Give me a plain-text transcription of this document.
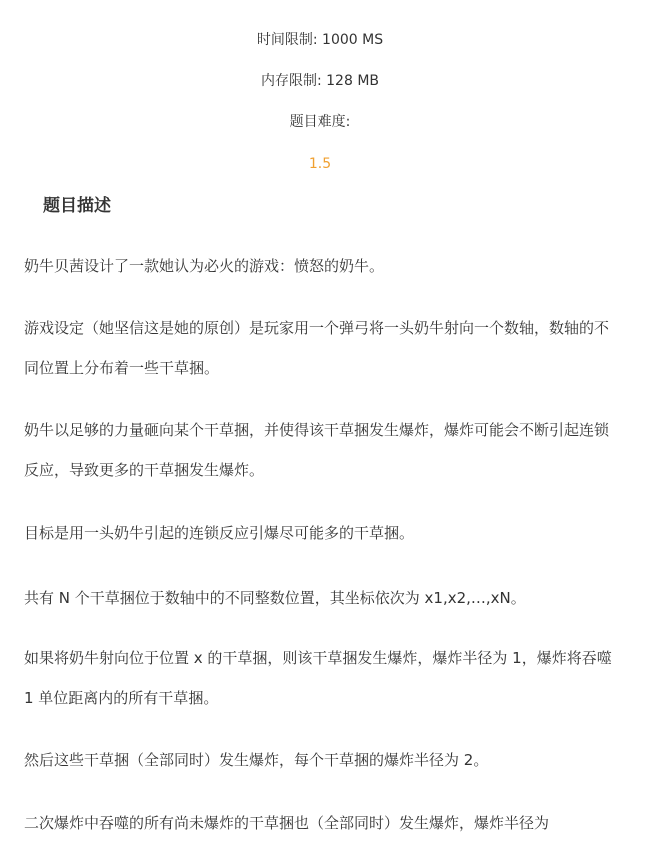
时间限制: 1000 MS
内存限制: 128 MB
题目难度:
1.5
题目描述

奶牛贝茜设计了一款她认为必火的游戏：愤怒的奶牛。

游戏设定（她坚信这是她的原创）是玩家用一个弹弓将一头奶牛射向一个数轴，数轴的不同位置上分布着一些干草捆。

奶牛以足够的力量砸向某个干草捆，并使得该干草捆发生爆炸，爆炸可能会不断引起连锁反应，导致更多的干草捆发生爆炸。

目标是用一头奶牛引起的连锁反应引爆尽可能多的干草捆。

共有 N 个干草捆位于数轴中的不同整数位置，其坐标依次为 x1,x2,…,xN。

如果将奶牛射向位于位置 x 的干草捆，则该干草捆发生爆炸，爆炸半径为 1，爆炸将吞噬 1 单位距离内的所有干草捆。

然后这些干草捆（全部同时）发生爆炸，每个干草捆的爆炸半径为 2。

二次爆炸中吞噬的所有尚未爆炸的干草捆也（全部同时）发生爆炸，爆炸半径为
